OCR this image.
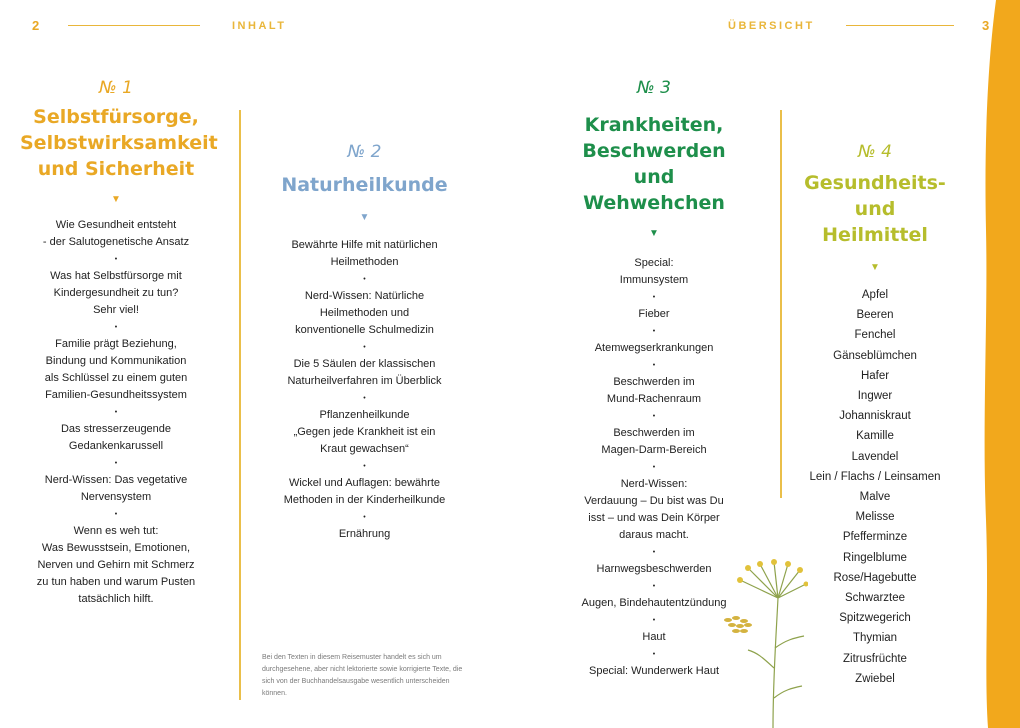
2	INHALT	ÜBERSICHT	3
№ 1
Selbstfürsorge, Selbstwirksamkeit und Sicherheit
▼
Wie Gesundheit entsteht
- der Salutogenetische Ansatz
•
Was hat Selbstfürsorge mit
Kindergesundheit zu tun?
Sehr viel!
•
Familie prägt Beziehung,
Bindung und Kommunikation
als Schlüssel zu einem guten
Familien-Gesundheitssystem
•
Das stresserzeugende
Gedankenkarussell
•
Nerd-Wissen: Das vegetative
Nervensystem
•
Wenn es weh tut:
Was Bewusstsein, Emotionen,
Nerven und Gehirn mit Schmerz
zu tun haben und warum Pusten
tatsächlich hilft.
№ 2
Naturheilkunde
▼
Bewährte Hilfe mit natürlichen
Heilmethoden
•
Nerd-Wissen: Natürliche
Heilmethoden und
konventionelle Schulmedizin
•
Die 5 Säulen der klassischen
Naturheilverfahren im Überblick
•
Pflanzenheilkunde
„Gegen jede Krankheit ist ein
Kraut gewachsen“
•
Wickel und Auflagen: bewährte
Methoden in der Kinderheilkunde
•
Ernährung
№ 3
Krankheiten, Beschwerden und Wehwehchen
▼
Special:
Immunsystem
•
Fieber
•
Atemwegserkrankungen
•
Beschwerden im
Mund-Rachenraum
•
Beschwerden im
Magen-Darm-Bereich
•
Nerd-Wissen:
Verdauung – Du bist was Du
isst – und was Dein Körper
daraus macht.
•
Harnwegsbeschwerden
•
Augen, Bindehautentzündung
•
Haut
•
Special: Wunderwerk Haut
№ 4
Gesundheits- und Heilmittel
▼
Apfel
Beeren
Fenchel
Gänseblümchen
Hafer
Ingwer
Johanniskraut
Kamille
Lavendel
Lein / Flachs / Leinsamen
Malve
Melisse
Pfefferminze
Ringelblume
Rose/Hagebutte
Schwarztee
Spitzwegerich
Thymian
Zitrusfrüchte
Zwiebel
Bei den Texten in diesem Reisemuster handelt es sich um durchgesehene, aber nicht lektorierte sowie korrigierte Texte, die sich von der Buchhandelsausgabe wesentlich unterscheiden können.
